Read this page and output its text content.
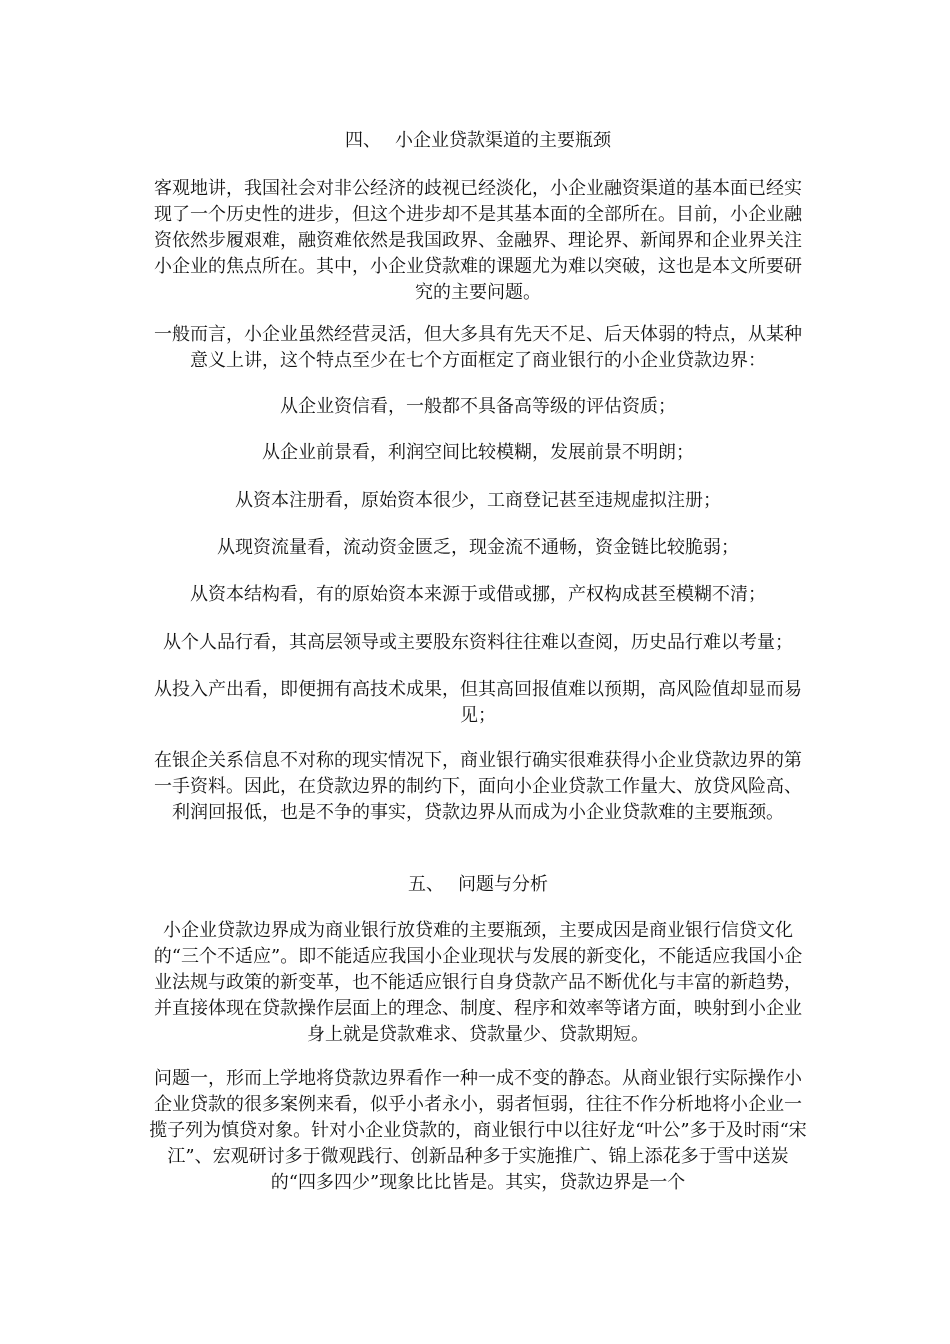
四、 小企业贷款渠道的主要瓶颈
客观地讲，我国社会对非公经济的歧视已经淡化，小企业融资渠道的基本面已经实现了一个历史性的进步，但这个进步却不是其基本面的全部所在。目前，小企业融资依然步履艰难，融资难依然是我国政界、金融界、理论界、新闻界和企业界关注小企业的焦点所在。其中，小企业贷款难的课题尤为难以突破，这也是本文所要研究的主要问题。
一般而言，小企业虽然经营灵活，但大多具有先天不足、后天体弱的特点，从某种意义上讲，这个特点至少在七个方面框定了商业银行的小企业贷款边界：
从企业资信看，一般都不具备高等级的评估资质；
从企业前景看，利润空间比较模糊，发展前景不明朗；
从资本注册看，原始资本很少，工商登记甚至违规虚拟注册；
从现资流量看，流动资金匮乏，现金流不通畅，资金链比较脆弱；
从资本结构看，有的原始资本来源于或借或挪，产权构成甚至模糊不清；
从个人品行看，其高层领导或主要股东资料往往难以查阅，历史品行难以考量；
从投入产出看，即便拥有高技术成果，但其高回报值难以预期，高风险值却显而易见；
在银企关系信息不对称的现实情况下，商业银行确实很难获得小企业贷款边界的第一手资料。因此，在贷款边界的制约下，面向小企业贷款工作量大、放贷风险高、利润回报低，也是不争的事实，贷款边界从而成为小企业贷款难的主要瓶颈。
五、 问题与分析
小企业贷款边界成为商业银行放贷难的主要瓶颈，主要成因是商业银行信贷文化的“三个不适应”。即不能适应我国小企业现状与发展的新变化，不能适应我国小企业法规与政策的新变革，也不能适应银行自身贷款产品不断优化与丰富的新趋势，并直接体现在贷款操作层面上的理念、制度、程序和效率等诸方面，映射到小企业身上就是贷款难求、贷款量少、贷款期短。
问题一，形而上学地将贷款边界看作一种一成不变的静态。从商业银行实际操作小企业贷款的很多案例来看，似乎小者永小，弱者恒弱，往往不作分析地将小企业一揽子列为慎贷对象。针对小企业贷款的，商业银行中以往好龙“叶公”多于及时雨“宋江”、宏观研讨多于微观践行、创新品种多于实施推广、锦上添花多于雪中送炭的“四多四少”现象比比皆是。其实，贷款边界是一个
